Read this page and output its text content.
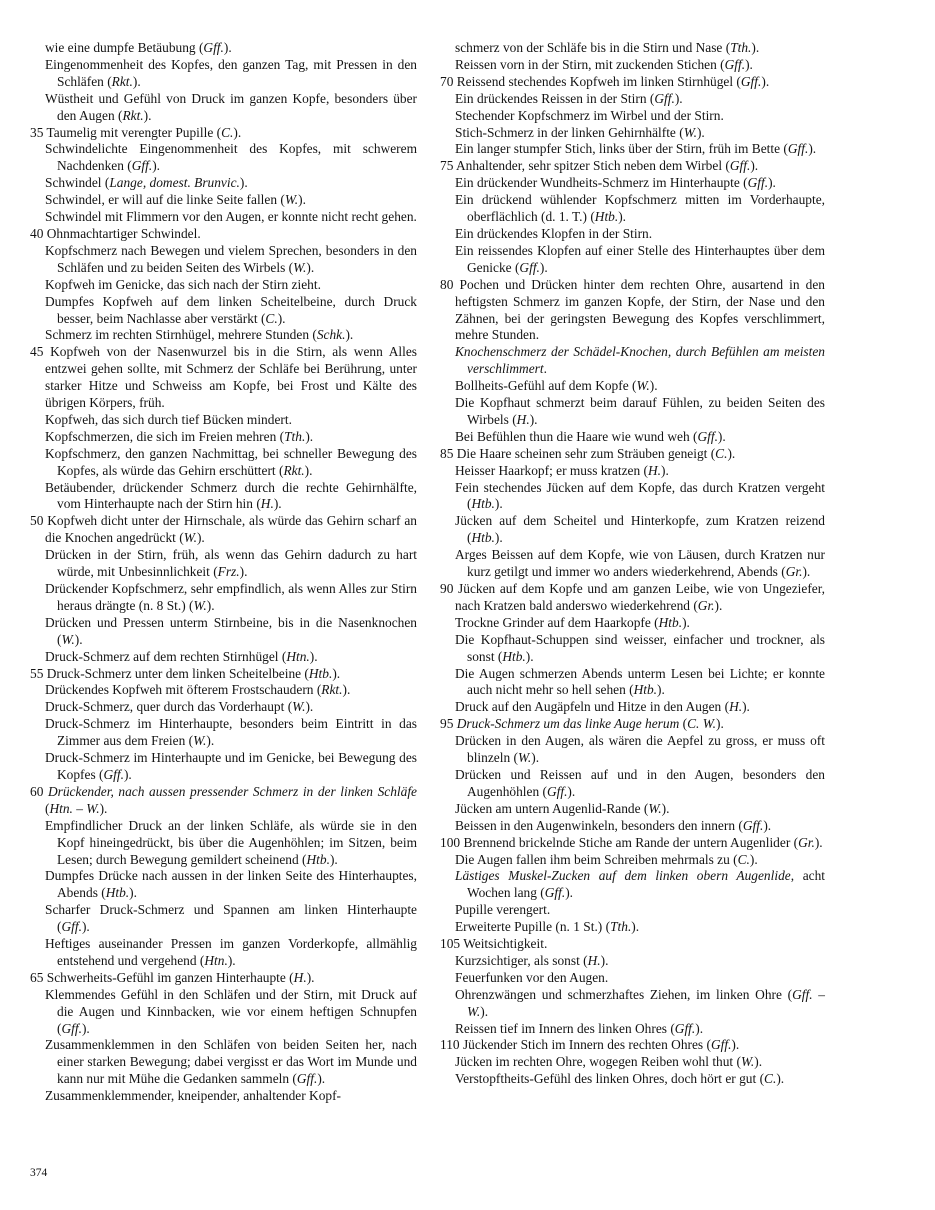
wie eine dumpfe Betäubung (Gff.).

Eingenommenheit des Kopfes, den ganzen Tag, mit Pressen in den Schläfen (Rkt.).

Wüstheit und Gefühl von Druck im ganzen Kopfe, besonders über den Augen (Rkt.).

35 Taumelig mit verengter Pupille (C.).

Schwindelichte Eingenommenheit des Kopfes, mit schwerem Nachdenken (Gff.).

Schwindel (Lange, domest. Brunvic.).

Schwindel, er will auf die linke Seite fallen (W.).

Schwindel mit Flimmern vor den Augen, er konnte nicht recht gehen.

40 Ohnmachtartiger Schwindel.

Kopfschmerz nach Bewegen und vielem Sprechen, besonders in den Schläfen und zu beiden Seiten des Wirbels (W.).

Kopfweh im Genicke, das sich nach der Stirn zieht.

Dumpfes Kopfweh auf dem linken Scheitelbeine, durch Druck besser, beim Nachlasse aber verstärkt (C.).

Schmerz im rechten Stirnhügel, mehrere Stunden (Schk.).

45 Kopfweh von der Nasenwurzel bis in die Stirn, als wenn Alles entzwei gehen sollte, mit Schmerz der Schläfe bei Berührung, unter starker Hitze und Schweiss am Kopfe, bei Frost und Kälte des übrigen Körpers, früh.

Kopfweh, das sich durch tief Bücken mindert.

Kopfschmerzen, die sich im Freien mehren (Tth.).

Kopfschmerz, den ganzen Nachmittag, bei schneller Bewegung des Kopfes, als würde das Gehirn erschüttert (Rkt.).

Betäubender, drückender Schmerz durch die rechte Gehirnhälfte, vom Hinterhaupte nach der Stirn hin (H.).

50 Kopfweh dicht unter der Hirnschale, als würde das Gehirn scharf an die Knochen angedrückt (W.).

Drücken in der Stirn, früh, als wenn das Gehirn dadurch zu hart würde, mit Unbesinnlichkeit (Frz.).

Drückender Kopfschmerz, sehr empfindlich, als wenn Alles zur Stirn heraus drängte (n. 8 St.) (W.).

Drücken und Pressen unterm Stirnbeine, bis in die Nasenknochen (W.).

Druck-Schmerz auf dem rechten Stirnhügel (Htn.).

55 Druck-Schmerz unter dem linken Scheitelbeine (Htb.).

Drückendes Kopfweh mit öfterem Frostschaudern (Rkt.).

Druck-Schmerz, quer durch das Vorderhaupt (W.).

Druck-Schmerz im Hinterhaupte, besonders beim Eintritt in das Zimmer aus dem Freien (W.).

Druck-Schmerz im Hinterhaupte und im Genicke, bei Bewegung des Kopfes (Gff.).

60 Drückender, nach aussen pressender Schmerz in der linken Schläfe (Htn. – W.).

Empfindlicher Druck an der linken Schläfe, als würde sie in den Kopf hineingedrückt, bis über die Augenhöhlen; im Sitzen, beim Lesen; durch Bewegung gemildert scheinend (Htb.).

Dumpfes Drücke nach aussen in der linken Seite des Hinterhauptes, Abends (Htb.).

Scharfer Druck-Schmerz und Spannen am linken Hinterhaupte (Gff.).

Heftiges auseinander Pressen im ganzen Vorderkopfe, allmählig entstehend und vergehend (Htn.).

65 Schwerheits-Gefühl im ganzen Hinterhaupte (H.).

Klemmendes Gefühl in den Schläfen und der Stirn, mit Druck auf die Augen und Kinnbacken, wie vor einem heftigen Schnupfen (Gff.).

Zusammenklemmen in den Schläfen von beiden Seiten her, nach einer starken Bewegung; dabei vergisst er das Wort im Munde und kann nur mit Mühe die Gedanken sammeln (Gff.).

Zusammenklemmender, kneipender, anhaltender Kopf-

schmerz von der Schläfe bis in die Stirn und Nase (Tth.).

Reissen vorn in der Stirn, mit zuckenden Stichen (Gff.).

70 Reissend stechendes Kopfweh im linken Stirnhügel (Gff.).

Ein drückendes Reissen in der Stirn (Gff.).

Stechender Kopfschmerz im Wirbel und der Stirn.

Stich-Schmerz in der linken Gehirnhälfte (W.).

Ein langer stumpfer Stich, links über der Stirn, früh im Bette (Gff.).

75 Anhaltender, sehr spitzer Stich neben dem Wirbel (Gff.).

Ein drückender Wundheits-Schmerz im Hinterhaupte (Gff.).

Ein drückend wühlender Kopfschmerz mitten im Vorderhaupte, oberflächlich (d. 1. T.) (Htb.).

Ein drückendes Klopfen in der Stirn.

Ein reissendes Klopfen auf einer Stelle des Hinterhauptes über dem Genicke (Gff.).

80 Pochen und Drücken hinter dem rechten Ohre, ausartend in den heftigsten Schmerz im ganzen Kopfe, der Stirn, der Nase und den Zähnen, bei der geringsten Bewegung des Kopfes verschlimmert, mehre Stunden.

Knochenschmerz der Schädel-Knochen, durch Befühlen am meisten verschlimmert.

Bollheits-Gefühl auf dem Kopfe (W.).

Die Kopfhaut schmerzt beim darauf Fühlen, zu beiden Seiten des Wirbels (H.).

Bei Befühlen thun die Haare wie wund weh (Gff.).

85 Die Haare scheinen sehr zum Sträuben geneigt (C.).

Heisser Haarkopf; er muss kratzen (H.).

Fein stechendes Jücken auf dem Kopfe, das durch Kratzen vergeht (Htb.).

Jücken auf dem Scheitel und Hinterkopfe, zum Kratzen reizend (Htb.).

Arges Beissen auf dem Kopfe, wie von Läusen, durch Kratzen nur kurz getilgt und immer wo anders wiederkehrend, Abends (Gr.).

90 Jücken auf dem Kopfe und am ganzen Leibe, wie von Ungeziefer, nach Kratzen bald anderswo wiederkehrend (Gr.).

Trockne Grinder auf dem Haarkopfe (Htb.).

Die Kopfhaut-Schuppen sind weisser, einfacher und trockner, als sonst (Htb.).

Die Augen schmerzen Abends unterm Lesen bei Lichte; er konnte auch nicht mehr so hell sehen (Htb.).

Druck auf den Augäpfeln und Hitze in den Augen (H.).

95 Druck-Schmerz um das linke Auge herum (C. W.).

Drücken in den Augen, als wären die Aepfel zu gross, er muss oft blinzeln (W.).

Drücken und Reissen auf und in den Augen, besonders den Augenhöhlen (Gff.).

Jücken am untern Augenlid-Rande (W.).

Beissen in den Augenwinkeln, besonders den innern (Gff.).

100 Brennend brickelnde Stiche am Rande der untern Augenlider (Gr.).

Die Augen fallen ihm beim Schreiben mehrmals zu (C.).

Lästiges Muskel-Zucken auf dem linken obern Augenlide, acht Wochen lang (Gff.).

Pupille verengert.

Erweiterte Pupille (n. 1 St.) (Tth.).

105 Weitsichtigkeit.

Kurzsichtiger, als sonst (H.).

Feuerfunken vor den Augen.

Ohrenzwängen und schmerzhaftes Ziehen, im linken Ohre (Gff. – W.).

Reissen tief im Innern des linken Ohres (Gff.).

110 Jückender Stich im Innern des rechten Ohres (Gff.).

Jücken im rechten Ohre, wogegen Reiben wohl thut (W.).

Verstopftheits-Gefühl des linken Ohres, doch hört er gut (C.).

374
